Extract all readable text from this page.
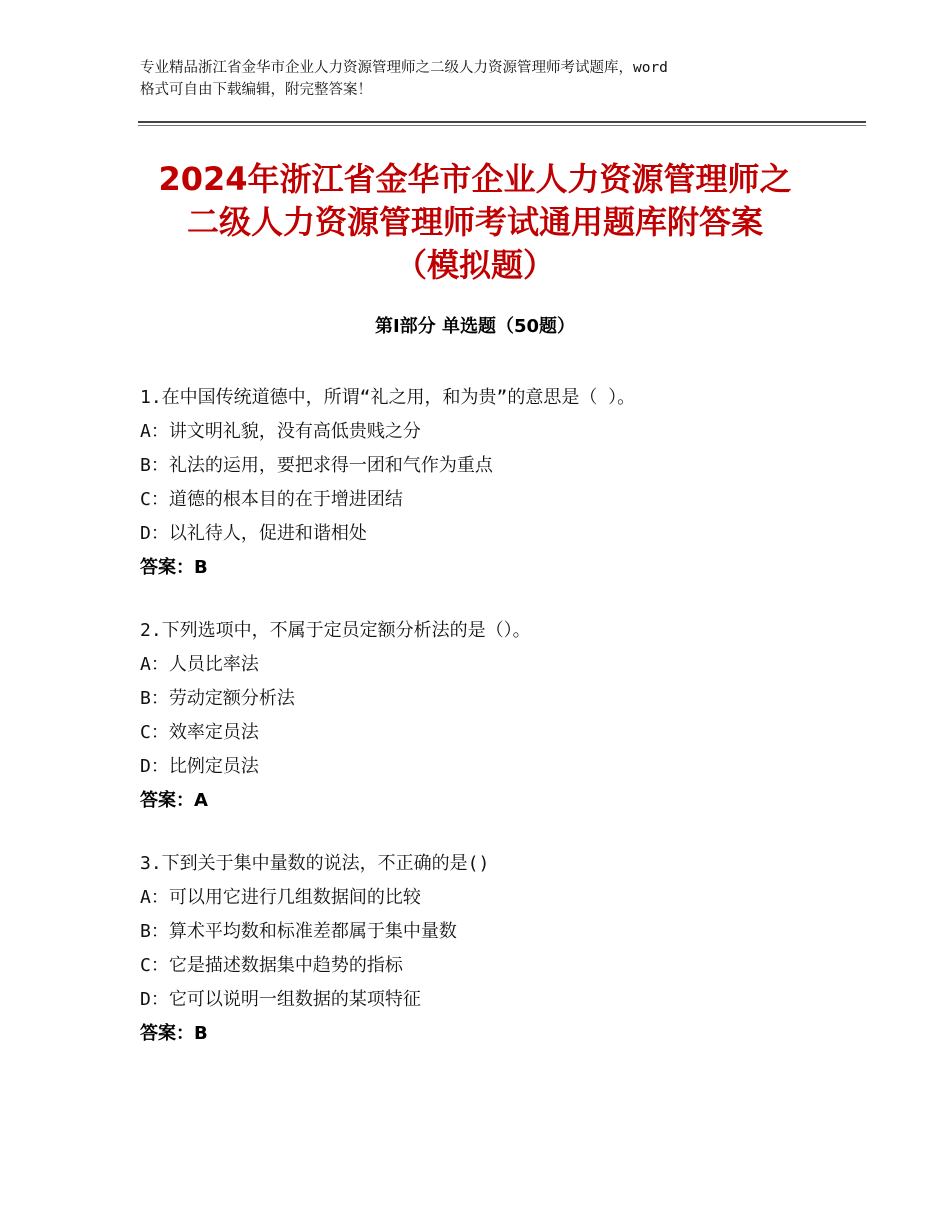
专业精品浙江省金华市企业人力资源管理师之二级人力资源管理师考试题库，word
格式可自由下载编辑，附完整答案！
2024年浙江省金华市企业人力资源管理师之
二级人力资源管理师考试通用题库附答案
（模拟题）
第Ⅰ部分 单选题（50题）
1.在中国传统道德中，所谓“礼之用，和为贵”的意思是（ ）。
A：讲文明礼貌，没有高低贵贱之分
B：礼法的运用，要把求得一团和气作为重点
C：道德的根本目的在于增进团结
D：以礼待人，促进和谐相处
答案：B
2.下列选项中，不属于定员定额分析法的是（）。
A：人员比率法
B：劳动定额分析法
C：效率定员法
D：比例定员法
答案：A
3.下到关于集中量数的说法，不正确的是()
A：可以用它进行几组数据间的比较
B：算术平均数和标准差都属于集中量数
C：它是描述数据集中趋势的指标
D：它可以说明一组数据的某项特征
答案：B
